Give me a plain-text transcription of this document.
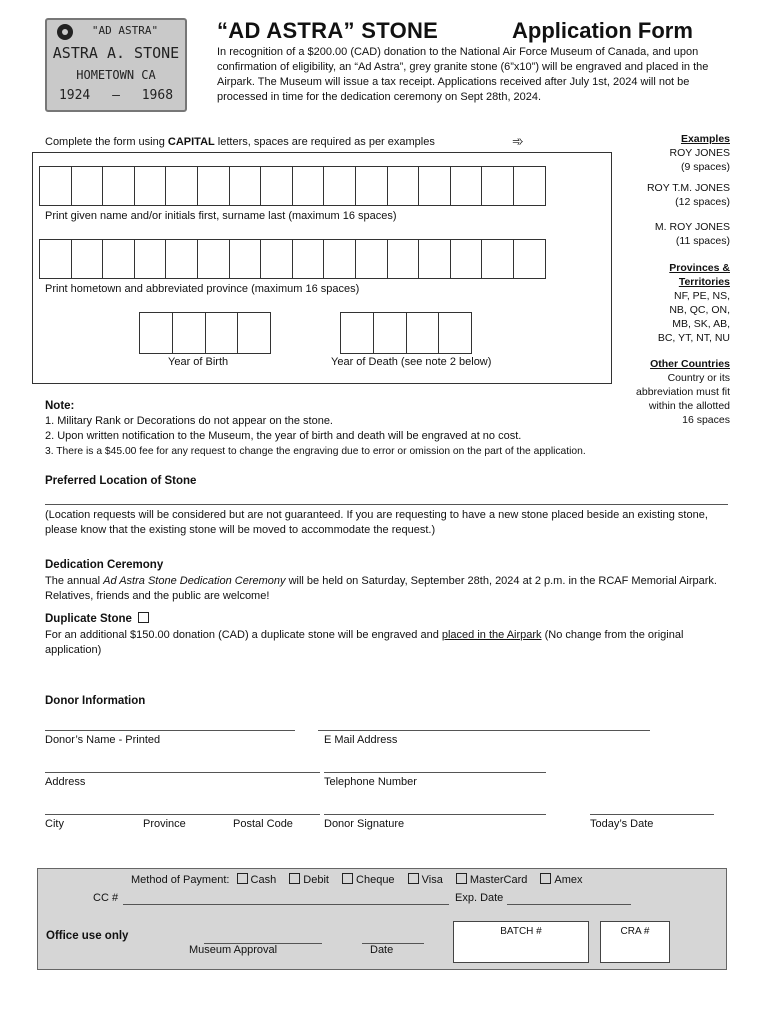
"AD ASTRA"
ASTRA A. STONE
HOMETOWN CA
1924 — 1968
“AD ASTRA” STONE	Application Form
In recognition of a $200.00 (CAD) donation to the National Air Force Museum of Canada, and upon confirmation of eligibility, an “Ad Astra”, grey granite stone (6”x10”) will be engraved and placed in the Airpark. The Museum will issue a tax receipt. Applications received after July 1st, 2024 will not be processed in time for the dedication ceremony on Sept 28th, 2024.
Complete the form using CAPITAL letters, spaces are required as per examples	➾
Print given name and/or initials first, surname last (maximum 16 spaces)
Print hometown and abbreviated province (maximum 16 spaces)
Year of Birth	Year of Death (see note 2 below)
Examples
ROY JONES
(9 spaces)
ROY T.M. JONES
(12 spaces)
M. ROY JONES
(11 spaces)
Provinces &
Territories
NF, PE, NS,
NB, QC, ON,
MB, SK, AB,
BC, YT, NT, NU
Other Countries
Country or its
abbreviation must fit
within the allotted
16 spaces
Note:
1. Military Rank or Decorations do not appear on the stone.
2. Upon written notification to the Museum, the year of birth and death will be engraved at no cost.
3. There is a $45.00 fee for any request to change the engraving due to error or omission on the part of the application.
Preferred Location of Stone
(Location requests will be considered but are not guaranteed. If you are requesting to have a new stone placed beside an existing stone, please know that the existing stone will be moved to accommodate the request.)
Dedication Ceremony
The annual Ad Astra Stone Dedication Ceremony will be held on Saturday, September 28th, 2024 at 2 p.m. in the RCAF Memorial Airpark. Relatives, friends and the public are welcome!
Duplicate Stone
For an additional $150.00 donation (CAD) a duplicate stone will be engraved and placed in the Airpark (No change from the original application)
Donor Information
Donor’s Name - Printed	E Mail Address
Address	Telephone Number
City	Province	Postal Code	Donor Signature	Today’s Date
Method of Payment: Cash Debit Cheque Visa MasterCard Amex
CC #	Exp. Date
Office use only
Museum Approval	Date
BATCH #	CRA #
